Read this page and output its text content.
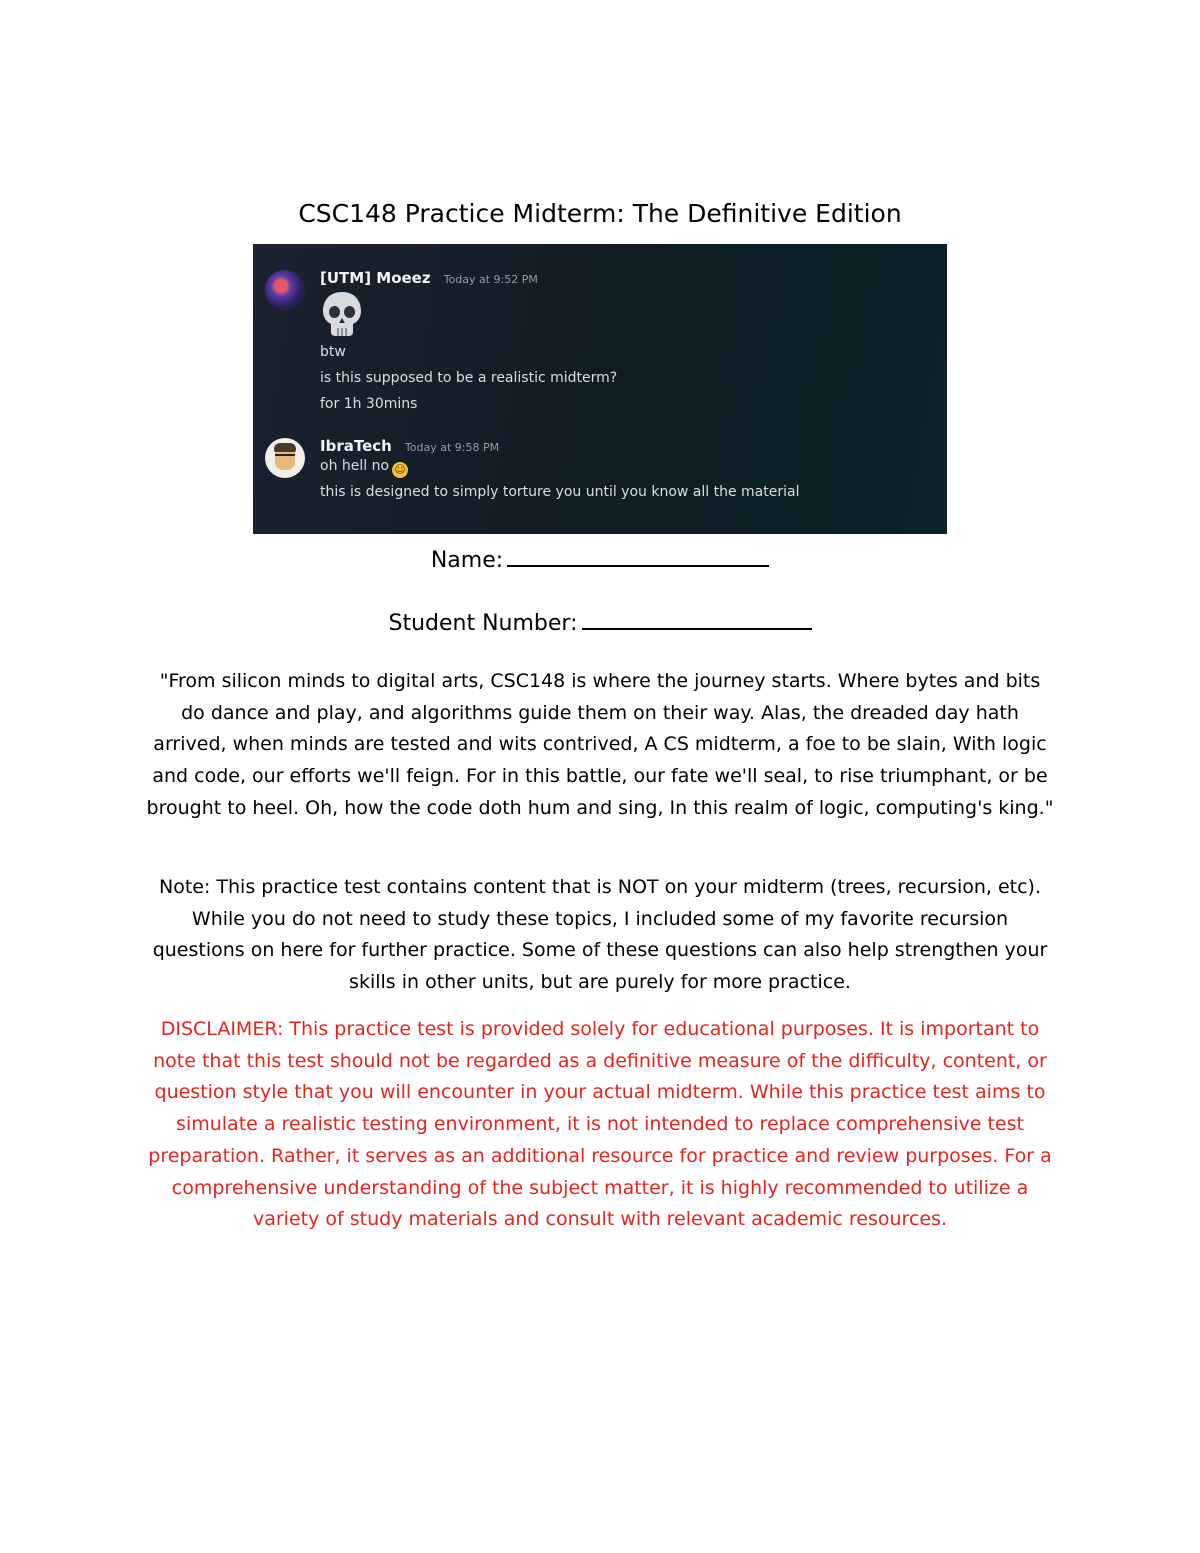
CSC148 Practice Midterm: The Definitive Edition
[UTM] Moeez Today at 9:52 PM
btw
is this supposed to be a realistic midterm?
for 1h 30mins
IbraTech Today at 9:58 PM
oh hell no ☺
this is designed to simply torture you until you know all the material
Name:
Student Number:

"From silicon minds to digital arts, CSC148 is where the journey starts. Where bytes and bits do dance and play, and algorithms guide them on their way. Alas, the dreaded day hath arrived, when minds are tested and wits contrived, A CS midterm, a foe to be slain, With logic and code, our efforts we'll feign. For in this battle, our fate we'll seal, to rise triumphant, or be brought to heel. Oh, how the code doth hum and sing, In this realm of logic, computing's king."

Note: This practice test contains content that is NOT on your midterm (trees, recursion, etc). While you do not need to study these topics, I included some of my favorite recursion questions on here for further practice. Some of these questions can also help strengthen your skills in other units, but are purely for more practice.

DISCLAIMER: This practice test is provided solely for educational purposes. It is important to note that this test should not be regarded as a definitive measure of the difficulty, content, or question style that you will encounter in your actual midterm. While this practice test aims to simulate a realistic testing environment, it is not intended to replace comprehensive test preparation. Rather, it serves as an additional resource for practice and review purposes. For a comprehensive understanding of the subject matter, it is highly recommended to utilize a variety of study materials and consult with relevant academic resources.
